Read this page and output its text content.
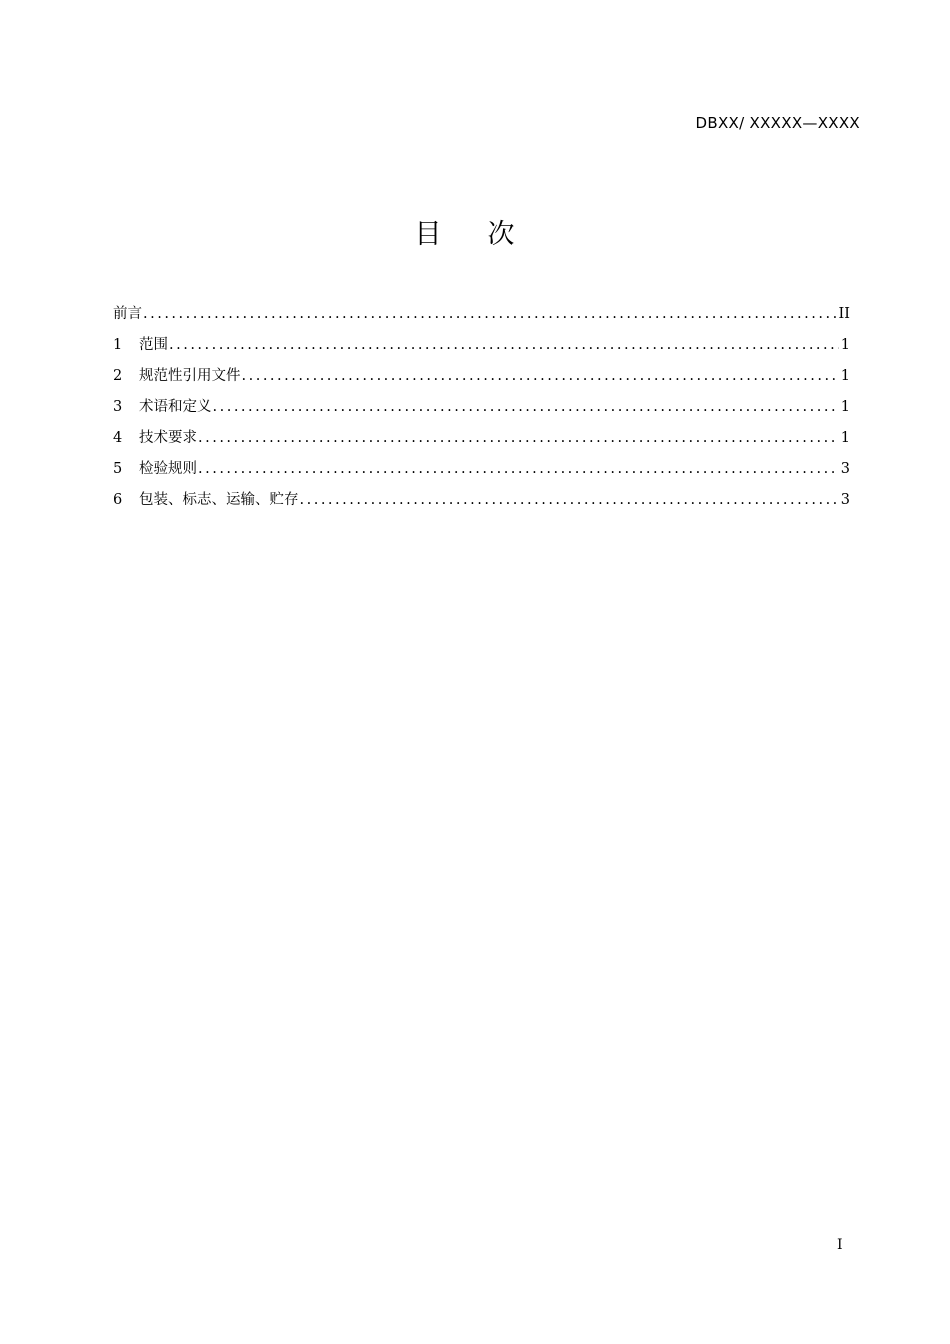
DBXX/ XXXXX—XXXX
目次
前言 .....	II
1	范围 .....	1
2	规范性引用文件 .....	1
3	术语和定义 .....	1
4	技术要求 .....	1
5	检验规则 .....	3
6	包装、标志、运输、贮存 .....	3
I
